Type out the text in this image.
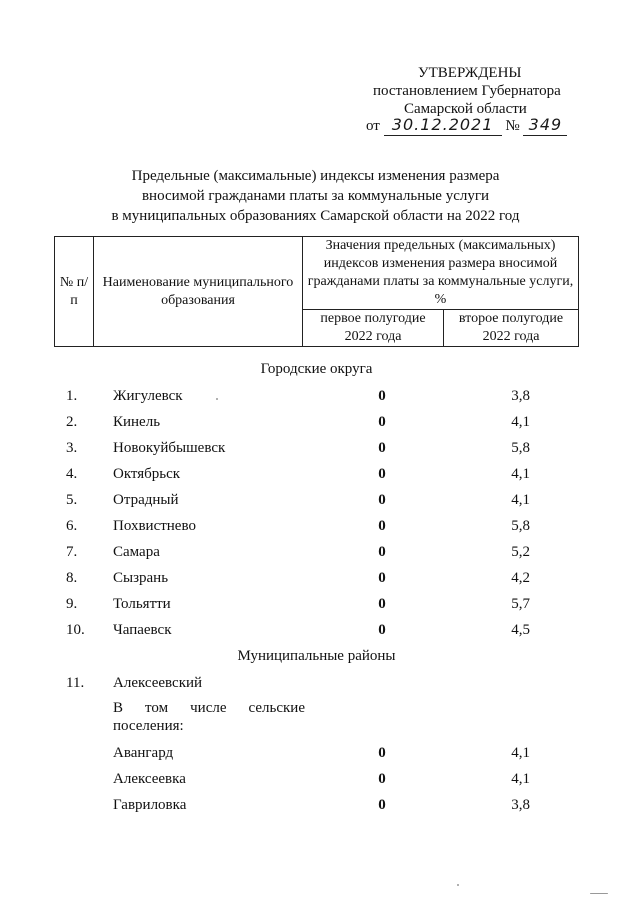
УТВЕРЖДЕНЫ
постановлением Губернатора
Самарской области
от 30.12.2021 № 349
Предельные (максимальные) индексы изменения размера
вносимой гражданами платы за коммунальные услуги
в муниципальных образованиях Самарской области на 2022 год
№ п/п	Наименование муниципального образования	Значения предельных (максимальных) индексов изменения размера вносимой гражданами платы за коммунальные услуги, %	
		первое полугодие 2022 года	второе полугодие 2022 года
Городские округа
1.	Жигулевск	0	3,8
2.	Кинель	0	4,1
3.	Новокуйбышевск	0	5,8
4.	Октябрьск	0	4,1
5.	Отрадный	0	4,1
6.	Похвистнево	0	5,8
7.	Самара	0	5,2
8.	Сызрань	0	4,2
9.	Тольятти	0	5,7
10.	Чапаевск	0	4,5
Муниципальные районы
11.	Алексеевский
В том числе сельские
поселения:
Авангард	0	4,1
Алексеевка	0	4,1
Гавриловка	0	3,8
